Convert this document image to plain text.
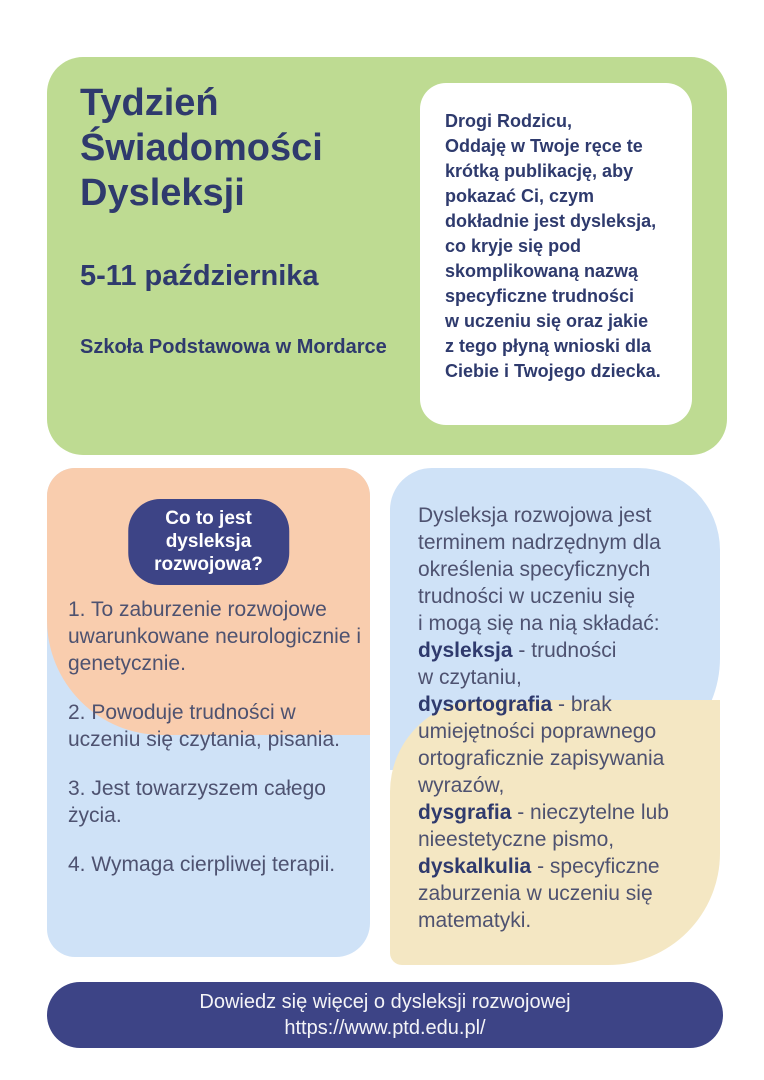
Tydzień
Świadomości
Dysleksji
5-11 października
Szkoła Podstawowa w Mordarce
Drogi Rodzicu,
Oddaję w Twoje ręce te
krótką publikację, aby
pokazać Ci, czym
dokładnie jest dysleksja,
co kryje się pod
skomplikowaną nazwą
specyficzne trudności
w uczeniu się oraz jakie
z tego płyną wnioski dla
Ciebie i Twojego dziecka.
Co to jest dysleksja
rozwojowa?

1. To zaburzenie rozwojowe uwarunkowane neurologicznie i genetycznie.

2. Powoduje trudności w uczeniu się czytania, pisania.

3. Jest towarzyszem całego życia.

4. Wymaga cierpliwej terapii.

Dysleksja rozwojowa jest
terminem nadrzędnym dla
określenia specyficznych
trudności w uczeniu się
i mogą się na nią składać:
dysleksja - trudności
w czytaniu,
dysortografia - brak
umiejętności poprawnego
ortograficznie zapisywania
wyrazów,
dysgrafia - nieczytelne lub
nieestetyczne pismo,
dyskalkulia - specyficzne
zaburzenia w uczeniu się
matematyki.
Dowiedz się więcej o dysleksji rozwojowej
https://www.ptd.edu.pl/
